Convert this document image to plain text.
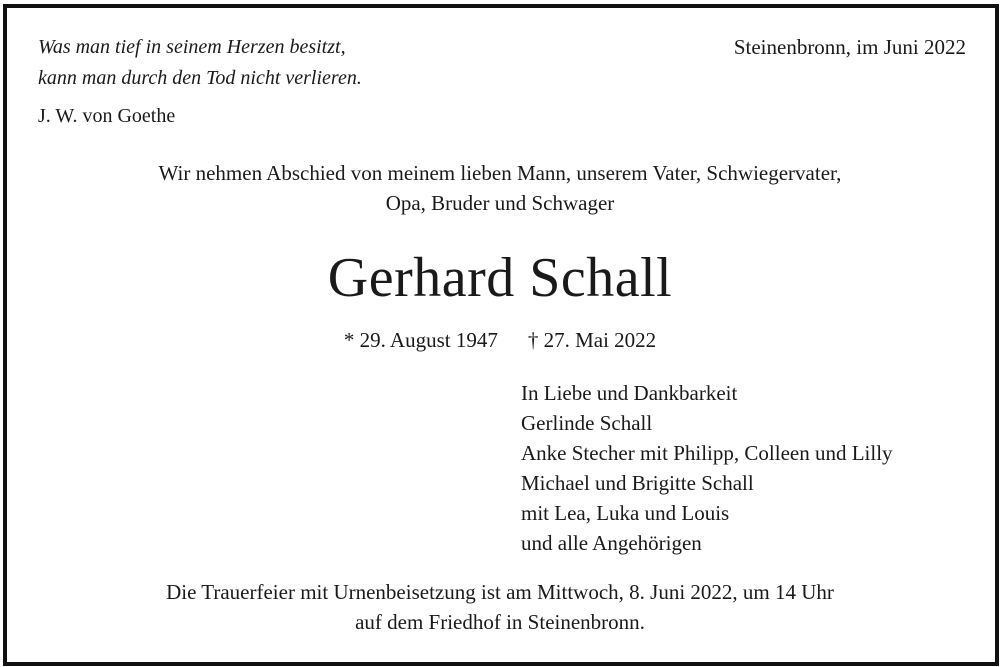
Was man tief in seinem Herzen besitzt,
kann man durch den Tod nicht verlieren.
J. W. von Goethe
Steinenbronn, im Juni 2022
Wir nehmen Abschied von meinem lieben Mann, unserem Vater, Schwiegervater,
Opa, Bruder und Schwager
Gerhard Schall
* 29. August 1947 † 27. Mai 2022
In Liebe und Dankbarkeit
Gerlinde Schall
Anke Stecher mit Philipp, Colleen und Lilly
Michael und Brigitte Schall
mit Lea, Luka und Louis
und alle Angehörigen
Die Trauerfeier mit Urnenbeisetzung ist am Mittwoch, 8. Juni 2022, um 14 Uhr
auf dem Friedhof in Steinenbronn.
